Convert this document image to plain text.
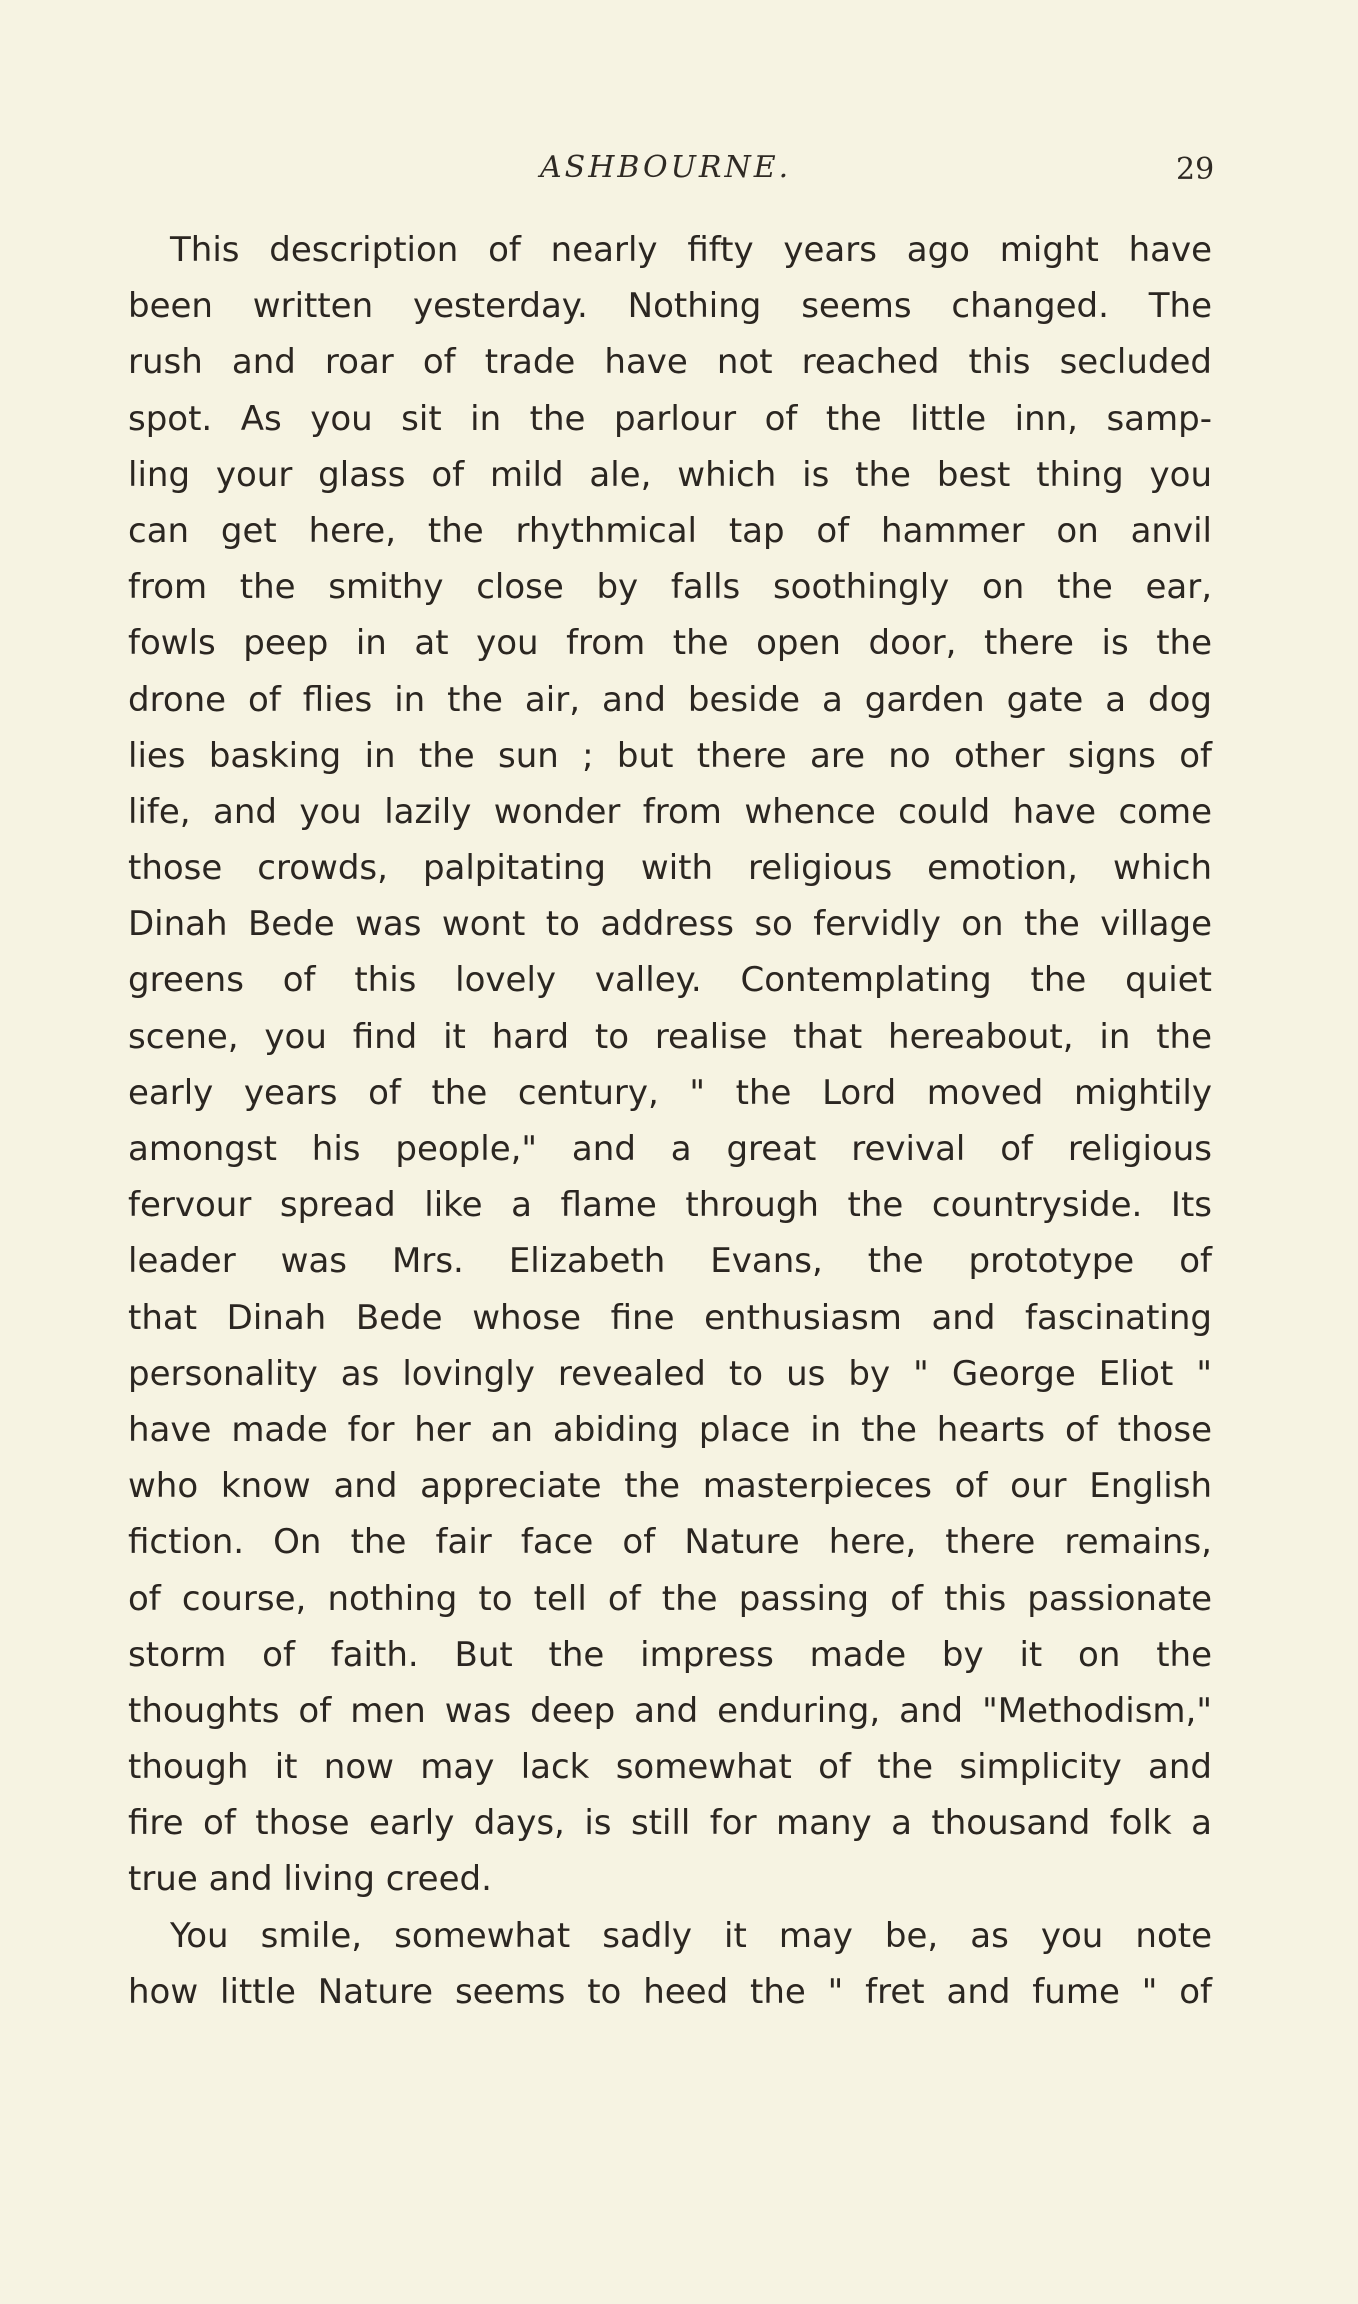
ASHBOURNE.	29
This description of nearly fifty years ago might have
been written yesterday. Nothing seems changed. The
rush and roar of trade have not reached this secluded
spot. As you sit in the parlour of the little inn, samp-
ling your glass of mild ale, which is the best thing you
can get here, the rhythmical tap of hammer on anvil
from the smithy close by falls soothingly on the ear,
fowls peep in at you from the open door, there is the
drone of flies in the air, and beside a garden gate a dog
lies basking in the sun ; but there are no other signs of
life, and you lazily wonder from whence could have come
those crowds, palpitating with religious emotion, which
Dinah Bede was wont to address so fervidly on the village
greens of this lovely valley. Contemplating the quiet
scene, you find it hard to realise that hereabout, in the
early years of the century, " the Lord moved mightily
amongst his people," and a great revival of religious
fervour spread like a flame through the countryside. Its
leader was Mrs. Elizabeth Evans, the prototype of
that Dinah Bede whose fine enthusiasm and fascinating
personality as lovingly revealed to us by " George Eliot "
have made for her an abiding place in the hearts of those
who know and appreciate the masterpieces of our English
fiction. On the fair face of Nature here, there remains,
of course, nothing to tell of the passing of this passionate
storm of faith. But the impress made by it on the
thoughts of men was deep and enduring, and "Methodism,"
though it now may lack somewhat of the simplicity and
fire of those early days, is still for many a thousand folk a
true and living creed.
You smile, somewhat sadly it may be, as you note
how little Nature seems to heed the " fret and fume " of
